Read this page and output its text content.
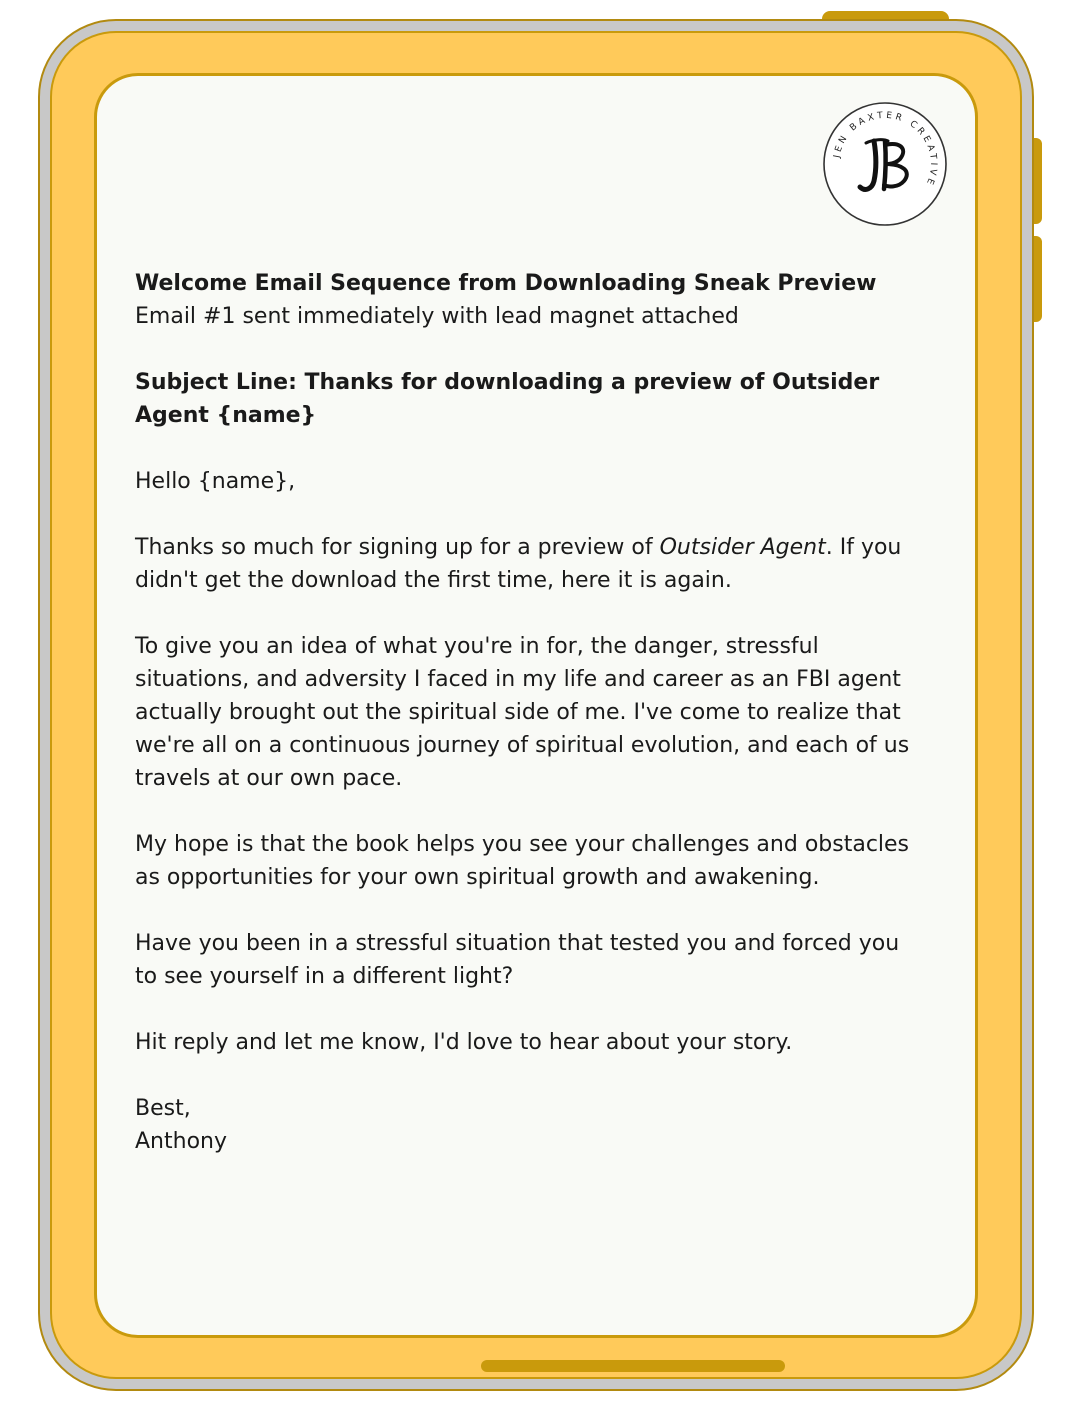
JEN BAXTER CREATIVE
Welcome Email Sequence from Downloading Sneak Preview

Email #1 sent immediately with lead magnet attached

Subject Line: Thanks for downloading a preview of Outsider Agent {name}

Hello {name},

Thanks so much for signing up for a preview of Outsider Agent. If you didn't get the download the first time, here it is again.

To give you an idea of what you're in for, the danger, stressful situations, and adversity I faced in my life and career as an FBI agent actually brought out the spiritual side of me. I've come to realize that we're all on a continuous journey of spiritual evolution, and each of us travels at our own pace.

My hope is that the book helps you see your challenges and obstacles as opportunities for your own spiritual growth and awakening.

Have you been in a stressful situation that tested you and forced you to see yourself in a different light?

Hit reply and let me know, I'd love to hear about your story.

Best,
Anthony
